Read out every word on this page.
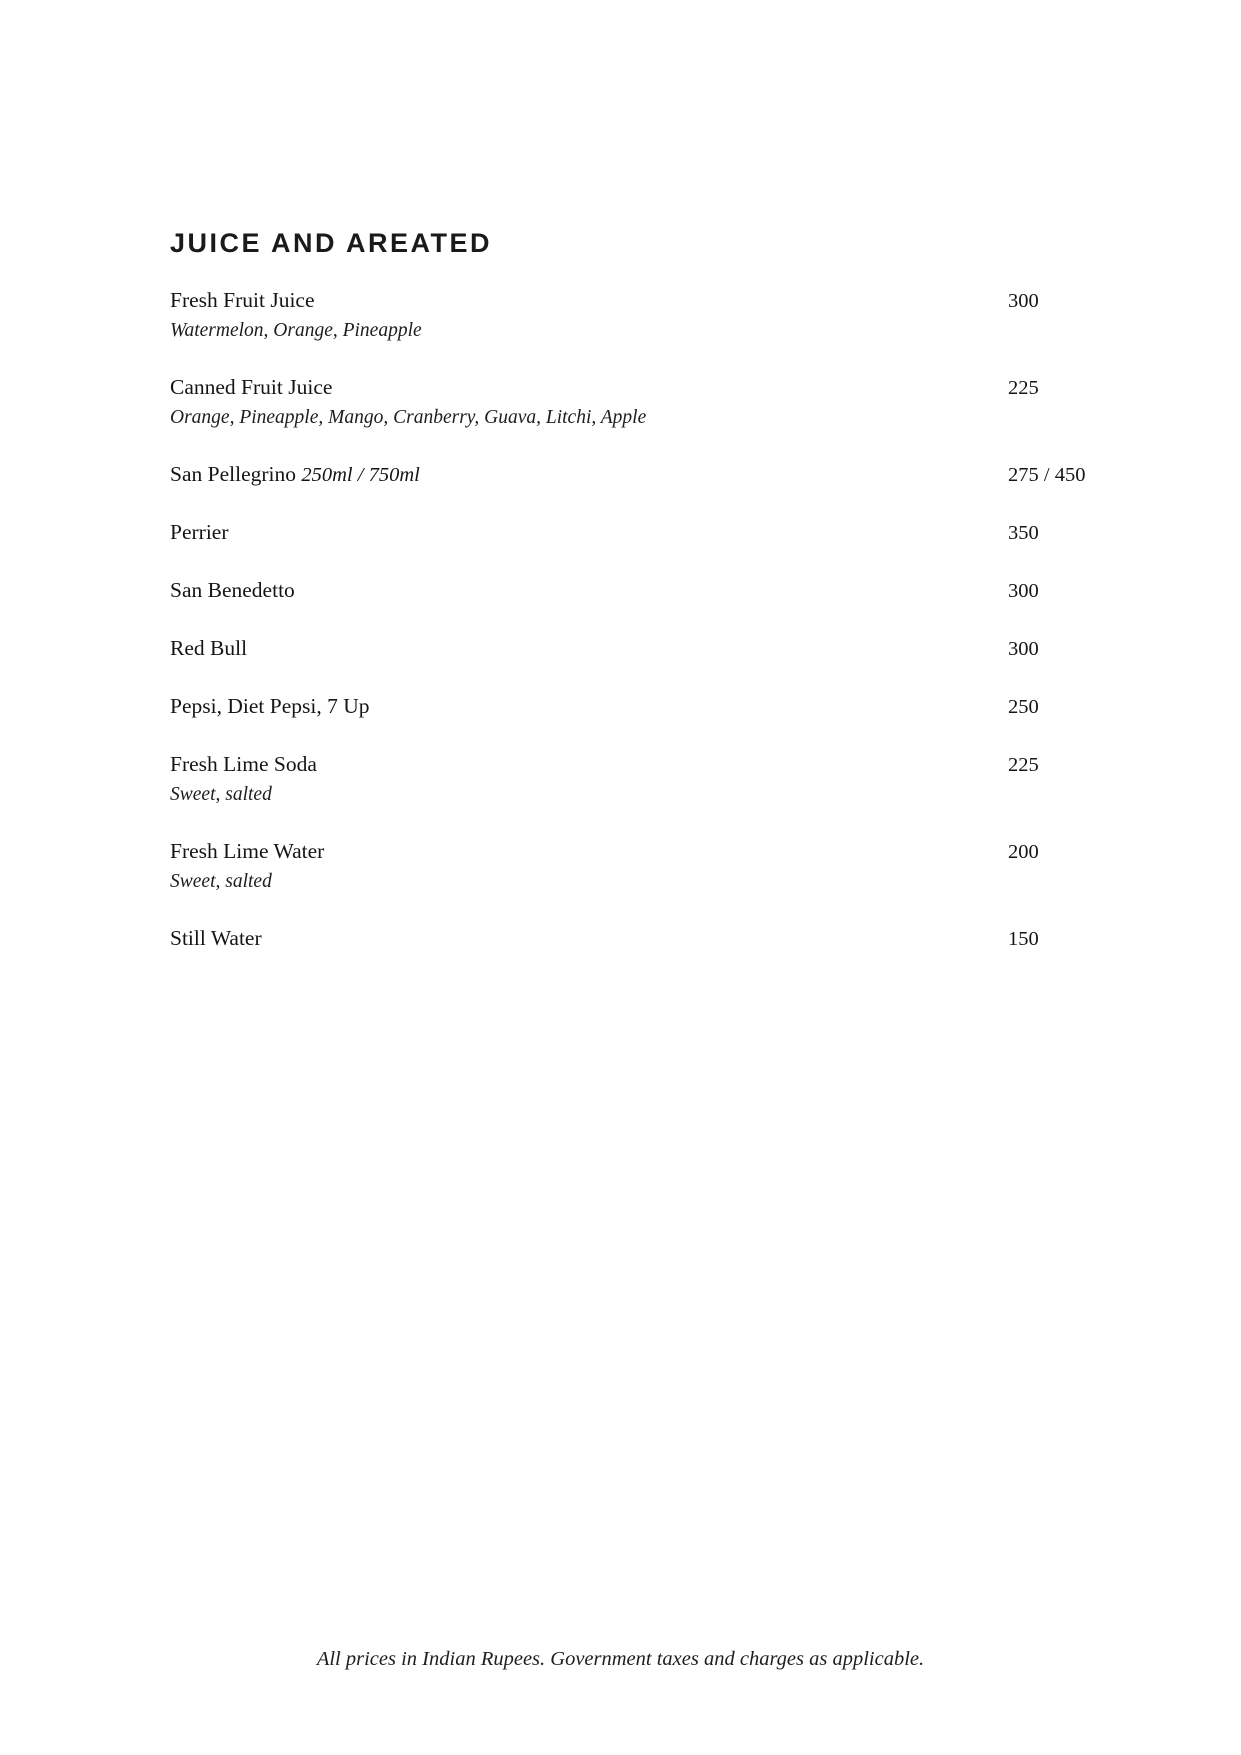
JUICE AND AREATED
Fresh Fruit Juice	300
Watermelon, Orange, Pineapple
Canned Fruit Juice	225
Orange, Pineapple, Mango, Cranberry, Guava, Litchi, Apple
San Pellegrino 250ml / 750ml	275 / 450
Perrier	350
San Benedetto	300
Red Bull	300
Pepsi, Diet Pepsi, 7 Up	250
Fresh Lime Soda	225
Sweet, salted
Fresh Lime Water	200
Sweet, salted
Still Water	150
All prices in Indian Rupees. Government taxes and charges as applicable.
